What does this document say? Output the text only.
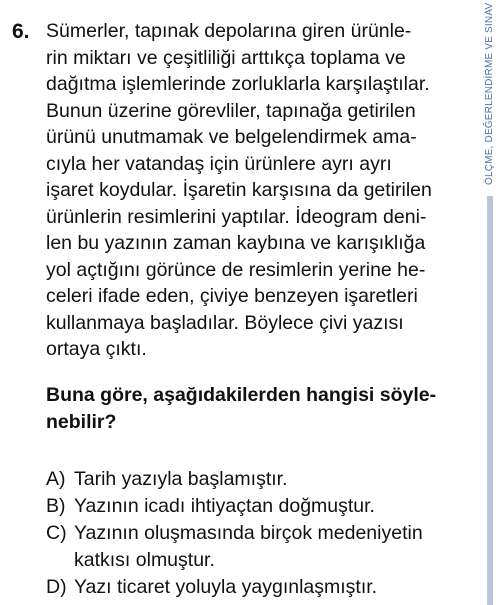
6. Sümerler, tapınak depolarına giren ürünle-
rin miktarı ve çeşitliliği arttıkça toplama ve
dağıtma işlemlerinde zorluklarla karşılaştılar.
Bunun üzerine görevliler, tapınağa getirilen
ürünü unutmamak ve belgelendirmek ama-
cıyla her vatandaş için ürünlere ayrı ayrı
işaret koydular. İşaretin karşısına da getirilen
ürünlerin resimlerini yaptılar. İdeogram deni-
len bu yazının zaman kaybına ve karışıklığa
yol açtığını görünce de resimlerin yerine he-
celeri ifade eden, çiviye benzeyen işaretleri
kullanmaya başladılar. Böylece çivi yazısı
ortaya çıktı.
Buna göre, aşağıdakilerden hangisi söyle-
nebilir?
A) Tarih yazıyla başlamıştır.
B) Yazının icadı ihtiyaçtan doğmuştur.
C) Yazının oluşmasında birçok medeniyetin
katkısı olmuştur.
D) Yazı ticaret yoluyla yaygınlaşmıştır.
ÖLÇME, DEĞERLENDİRME VE SINAV
